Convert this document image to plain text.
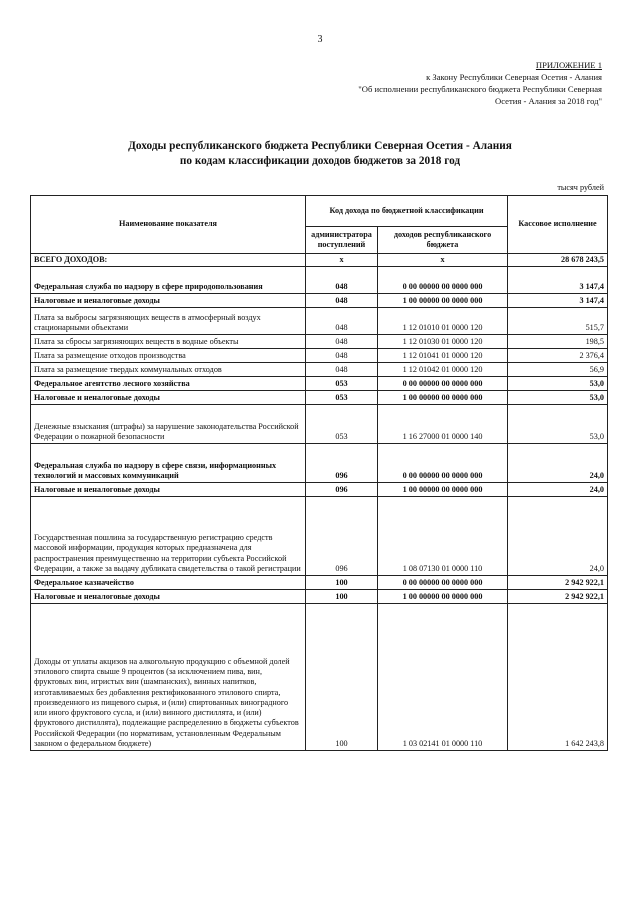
3
ПРИЛОЖЕНИЕ 1
к Закону Республики Северная Осетия - Алания
"Об исполнении республиканского бюджета Республики Северная
Осетия - Алания за 2018 год"
Доходы республиканского бюджета Республики Северная Осетия - Алания
по кодам классификации доходов бюджетов за 2018 год
тысяч рублей
Наименование показателя	Код дохода по бюджетной классификации		Кассовое исполнение
	администратора поступлений	доходов республиканского бюджета	
ВСЕГО ДОХОДОВ:	х	х	28 678 243,5
Федеральная служба по надзору в сфере природопользования	048	0 00 00000 00 0000 000	3 147,4
Налоговые и неналоговые доходы	048	1 00 00000 00 0000 000	3 147,4
Плата за выбросы загрязняющих веществ в атмосферный воздух стационарными объектами	048	1 12 01010 01 0000 120	515,7
Плата за сбросы загрязняющих веществ в водные объекты	048	1 12 01030 01 0000 120	198,5
Плата за размещение отходов производства	048	1 12 01041 01 0000 120	2 376,4
Плата за размещение твердых коммунальных отходов	048	1 12 01042 01 0000 120	56,9
Федеральное агентство лесного хозяйства	053	0 00 00000 00 0000 000	53,0
Налоговые и неналоговые доходы	053	1 00 00000 00 0000 000	53,0
Денежные взыскания (штрафы) за нарушение законодательства Российской Федерации о пожарной безопасности	053	1 16 27000 01 0000 140	53,0
Федеральная служба по надзору в сфере связи, информационных технологий и массовых коммуникаций	096	0 00 00000 00 0000 000	24,0
Налоговые и неналоговые доходы	096	1 00 00000 00 0000 000	24,0
Государственная пошлина за государственную регистрацию средств массовой информации, продукция которых предназначена для распространения преимущественно на территории субъекта Российской Федерации, а также за выдачу дубликата свидетельства о такой регистрации	096	1 08 07130 01 0000 110	24,0
Федеральное казначейство	100	0 00 00000 00 0000 000	2 942 922,1
Налоговые и неналоговые доходы	100	1 00 00000 00 0000 000	2 942 922,1
Доходы от уплаты акцизов на алкогольную продукцию с объемной долей этилового спирта свыше 9 процентов (за исключением пива, вин, фруктовых вин, игристых вин (шампанских), винных напитков, изготавливаемых без добавления ректификованного этилового спирта, произведенного из пищевого сырья, и (или) спиртованных виноградного или иного фруктового сусла, и (или) винного дистиллята, и (или) фруктового дистиллята), подлежащие распределению в бюджеты субъектов Российской Федерации (по нормативам, установленным Федеральным законом о федеральном бюджете)	100	1 03 02141 01 0000 110	1 642 243,8
